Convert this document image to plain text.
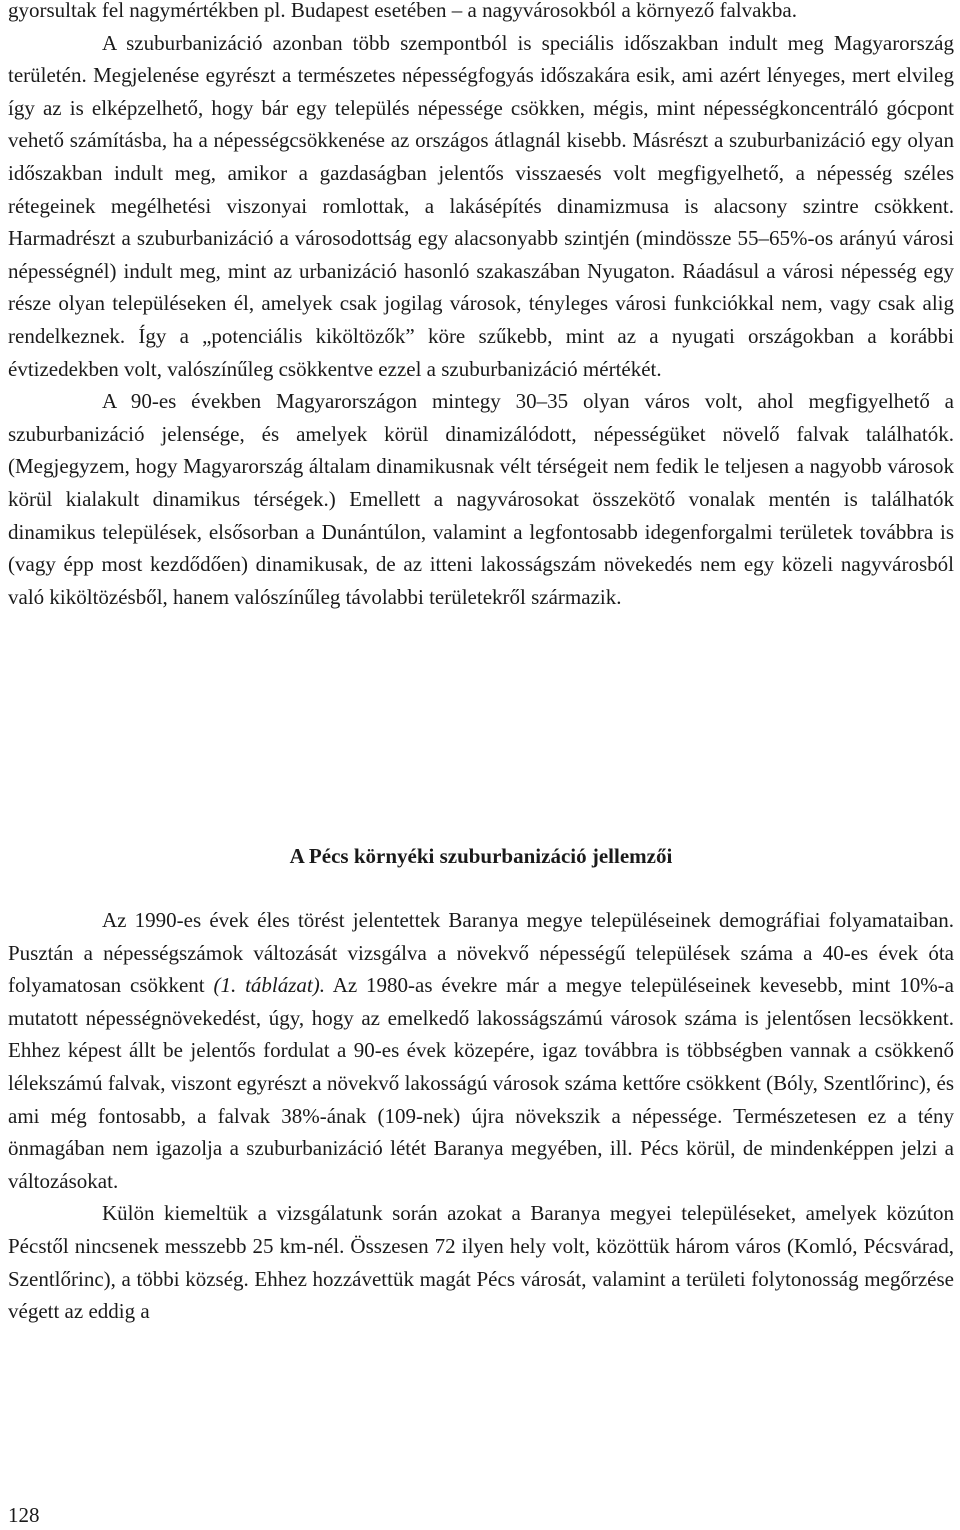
gyorsultak fel nagymértékben pl. Budapest esetében – a nagyvárosokból a környező falvakba.

A szuburbanizáció azonban több szempontból is speciális időszakban indult meg Magyarország területén. Megjelenése egyrészt a természetes népességfogyás időszakára esik, ami azért lényeges, mert elvileg így az is elképzelhető, hogy bár egy település népessége csökken, mégis, mint népességkoncentráló gócpont vehető számításba, ha a népességcsökkenése az országos átlagnál kisebb. Másrészt a szuburbanizáció egy olyan időszakban indult meg, amikor a gazdaságban jelentős visszaesés volt megfigyelhető, a népesség széles rétegeinek megélhetési viszonyai romlottak, a lakásépítés dinamizmusa is alacsony szintre csökkent. Harmadrészt a szuburbanizáció a városodottság egy alacsonyabb szintjén (mindössze 55–65%-os arányú városi népességnél) indult meg, mint az urbanizáció hasonló szakaszában Nyugaton. Ráadásul a városi népesség egy része olyan településeken él, amelyek csak jogilag városok, tényleges városi funkciókkal nem, vagy csak alig rendelkeznek. Így a „potenciális kiköltözők” köre szűkebb, mint az a nyugati országokban a korábbi évtizedekben volt, valószínűleg csökkentve ezzel a szuburbanizáció mértékét.

A 90-es években Magyarországon mintegy 30–35 olyan város volt, ahol megfigyelhető a szuburbanizáció jelensége, és amelyek körül dinamizálódott, népességüket növelő falvak találhatók. (Megjegyzem, hogy Magyarország általam dinamikusnak vélt térségeit nem fedik le teljesen a nagyobb városok körül kialakult dinamikus térségek.) Emellett a nagyvárosokat összekötő vonalak mentén is találhatók dinamikus települések, elsősorban a Dunántúlon, valamint a legfontosabb idegenforgalmi területek továbbra is (vagy épp most kezdődően) dinamikusak, de az itteni lakosságszám növekedés nem egy közeli nagyvárosból való kiköltözésből, hanem valószínűleg távolabbi területekről származik.

A Pécs környéki szuburbanizáció jellemzői

Az 1990-es évek éles törést jelentettek Baranya megye településeinek demográfiai folyamataiban. Pusztán a népességszámok változását vizsgálva a növekvő népességű települések száma a 40-es évek óta folyamatosan csökkent (1. táblázat). Az 1980-as évekre már a megye településeinek kevesebb, mint 10%-a mutatott népességnövekedést, úgy, hogy az emelkedő lakosságszámú városok száma is jelentősen lecsökkent. Ehhez képest állt be jelentős fordulat a 90-es évek közepére, igaz továbbra is többségben vannak a csökkenő lélekszámú falvak, viszont egyrészt a növekvő lakosságú városok száma kettőre csökkent (Bóly, Szentlőrinc), és ami még fontosabb, a falvak 38%-ának (109-nek) újra növekszik a népessége. Természetesen ez a tény önmagában nem igazolja a szuburbanizáció létét Baranya megyében, ill. Pécs körül, de mindenképpen jelzi a változásokat.

Külön kiemeltük a vizsgálatunk során azokat a Baranya megyei településeket, amelyek közúton Pécstől nincsenek messzebb 25 km-nél. Összesen 72 ilyen hely volt, közöttük három város (Komló, Pécsvárad, Szentlőrinc), a többi község. Ehhez hozzávettük magát Pécs városát, valamint a területi folytonosság megőrzése végett az eddig a

128
